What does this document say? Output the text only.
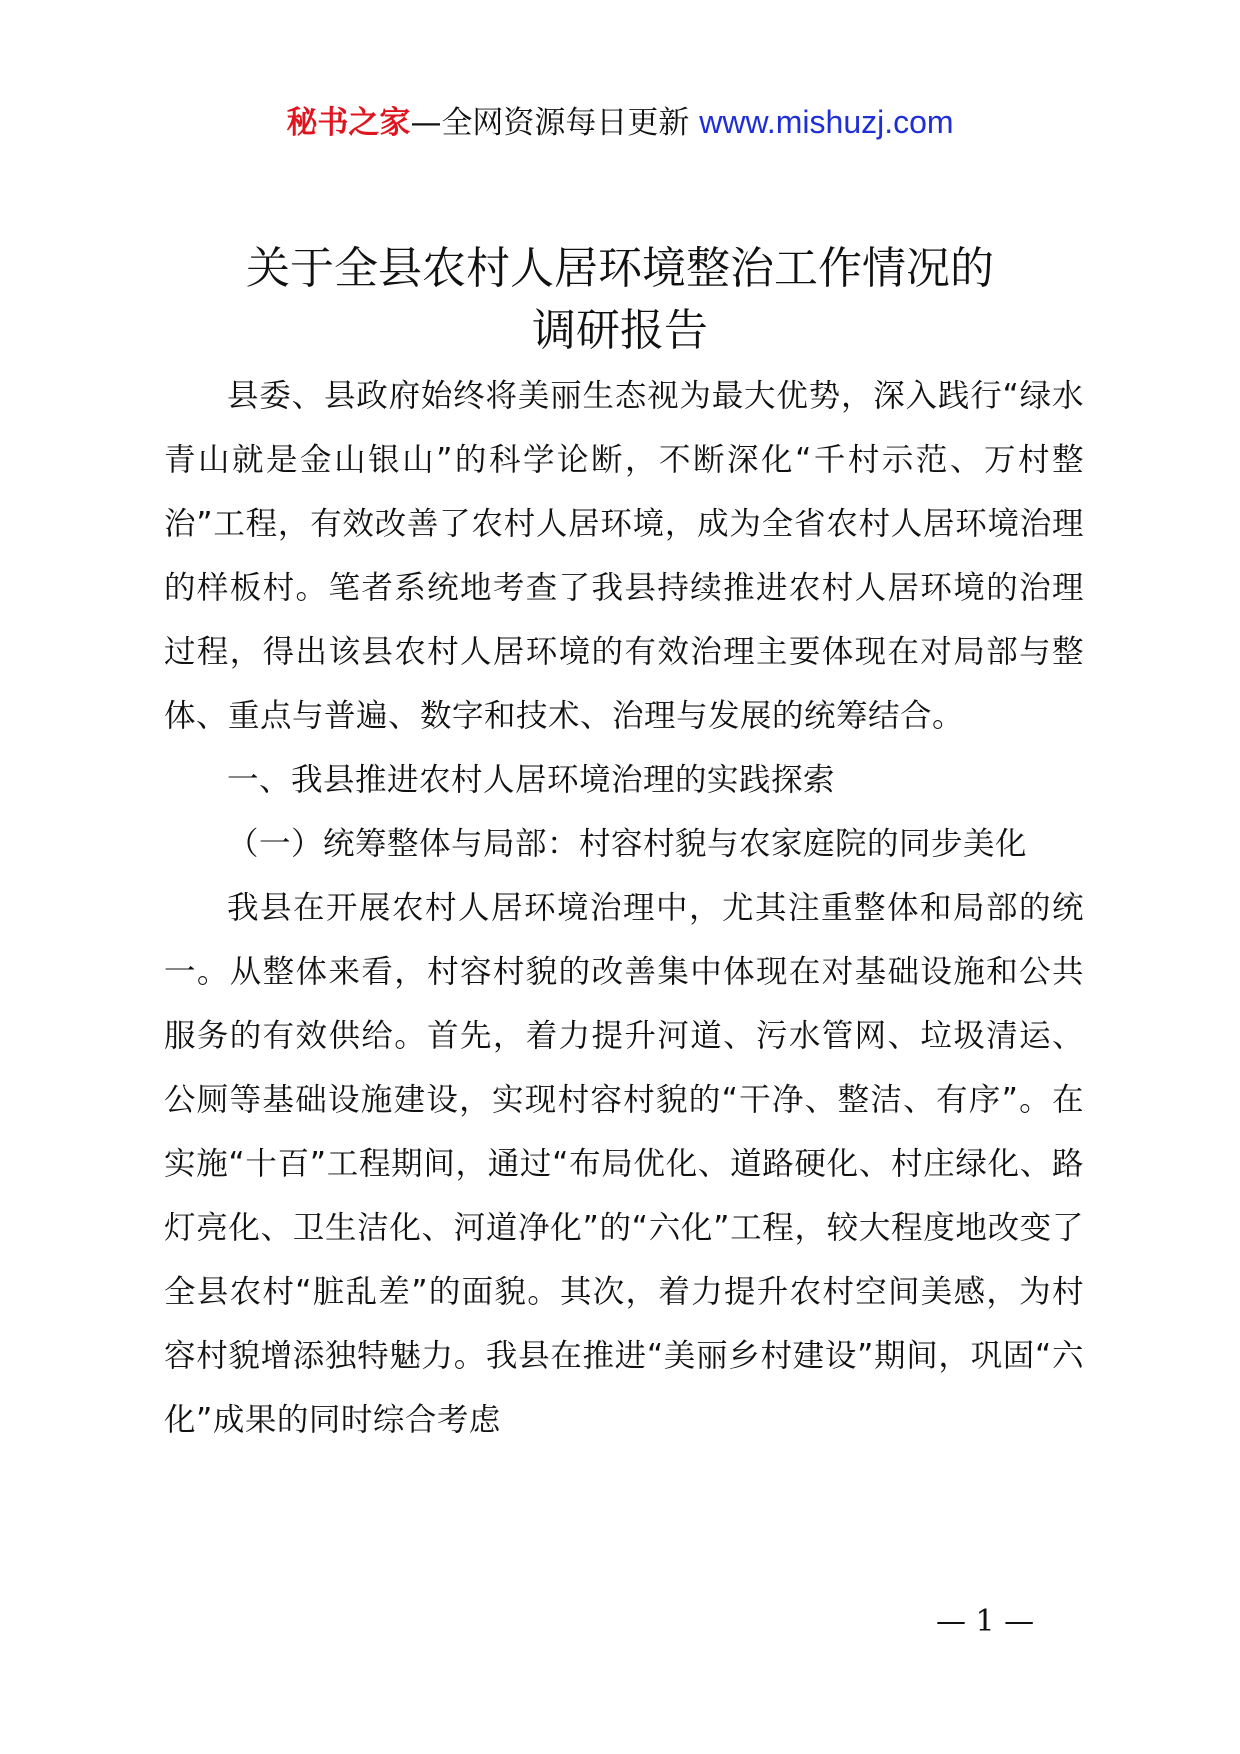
秘书之家—全网资源每日更新 www.mishuzj.com
关于全县农村人居环境整治工作情况的
调研报告

县委、县政府始终将美丽生态视为最大优势，深入践行“绿水青山就是金山银山”的科学论断，不断深化“千村示范、万村整治”工程，有效改善了农村人居环境，成为全省农村人居环境治理的样板村。笔者系统地考查了我县持续推进农村人居环境的治理过程，得出该县农村人居环境的有效治理主要体现在对局部与整体、重点与普遍、数字和技术、治理与发展的统筹结合。

一、我县推进农村人居环境治理的实践探索

（一）统筹整体与局部：村容村貌与农家庭院的同步美化

我县在开展农村人居环境治理中，尤其注重整体和局部的统一。从整体来看，村容村貌的改善集中体现在对基础设施和公共服务的有效供给。首先，着力提升河道、污水管网、垃圾清运、公厕等基础设施建设，实现村容村貌的“干净、整洁、有序”。在实施“十百”工程期间，通过“布局优化、道路硬化、村庄绿化、路灯亮化、卫生洁化、河道净化”的“六化”工程，较大程度地改变了全县农村“脏乱差”的面貌。其次，着力提升农村空间美感，为村容村貌增添独特魅力。我县在推进“美丽乡村建设”期间，巩固“六化”成果的同时综合考虑

— 1 —
